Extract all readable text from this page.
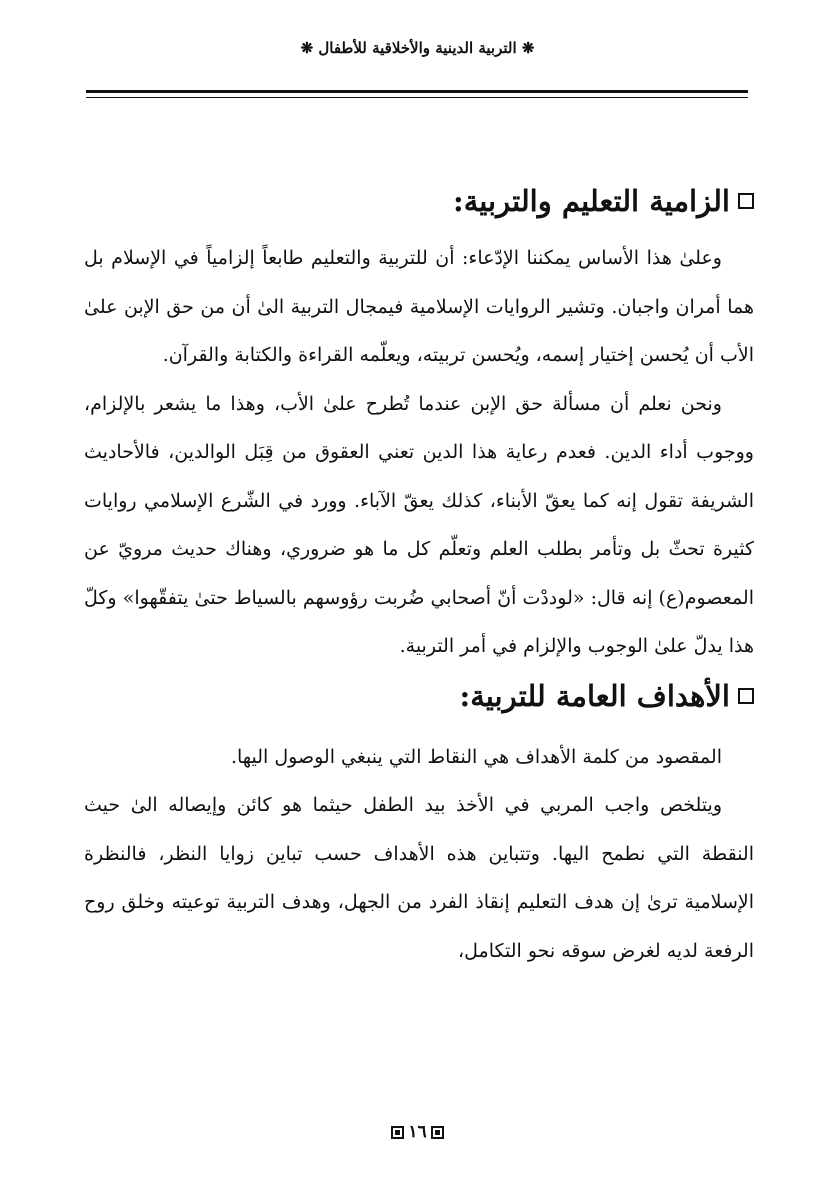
❋ التربية الدينية والأخلاقية للأطفال ❋
الزامية التعليم والتربية:

وعلىٰ هذا الأساس يمكننا الإدّعاء: أن للتربية والتعليم طابعاً إلزامياً في الإسلام بل هما أمران واجبان. وتشير الروايات الإسلامية فيمجال التربية الىٰ أن من حق الإبن علىٰ الأب أن يُحسن إختيار إسمه، ويُحسن تربيته، ويعلّمه القراءة والكتابة والقرآن.

ونحن نعلم أن مسألة حق الإبن عندما تُطرح علىٰ الأب، وهذا ما يشعر بالإلزام، ووجوب أداء الدين. فعدم رعاية هذا الدين تعني العقوق من قِبَل الوالدين، فالأحاديث الشريفة تقول إنه كما يعقّ الأبناء، كذلك يعقّ الآباء. وورد في الشّرع الإسلامي روايات كثيرة تحثّ بل وتأمر بطلب العلم وتعلّم كل ما هو ضروري، وهناك حديث مرويّ عن المعصوم(ع) إنه قال: «لوددْت أنّ أصحابي ضُربت رؤوسهم بالسياط حتىٰ يتفقّهوا» وكلّ هذا يدلّ علىٰ الوجوب والإلزام في أمر التربية.

الأهداف العامة للتربية:

المقصود من كلمة الأهداف هي النقاط التي ينبغي الوصول اليها.

ويتلخص واجب المربي في الأخذ بيد الطفل حيثما هو كائن وإيصاله الىٰ حيث النقطة التي نطمح اليها. وتتباين هذه الأهداف حسب تباين زوايا النظر، فالنظرة الإسلامية ترىٰ إن هدف التعليم إنقاذ الفرد من الجهل، وهدف التربية توعيته وخلق روح الرفعة لديه لغرض سوقه نحو التكامل،

١٦
